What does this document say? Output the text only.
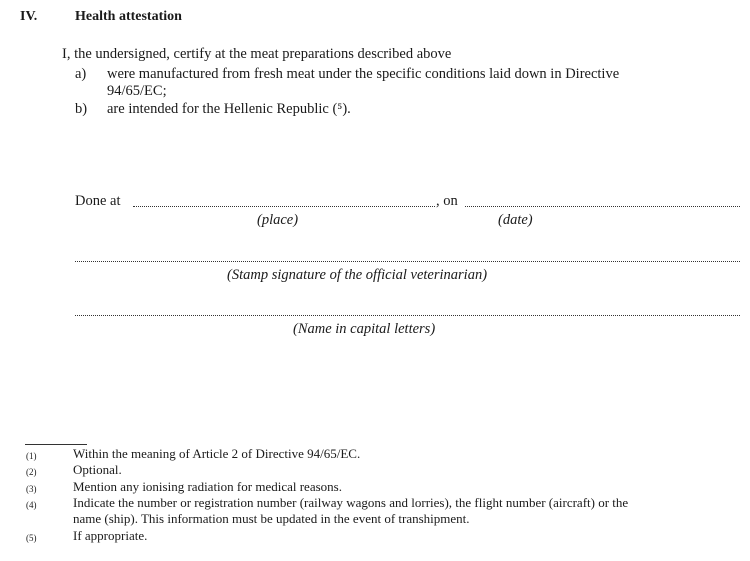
IV.	Health attestation
I, the undersigned, certify at the meat preparations described above
a) were manufactured from fresh meat under the specific conditions laid down in Directive
94/65/EC;
b) are intended for the Hellenic Republic (⁵).
Done at	, on
(place)	(date)
(Stamp signature of the official veterinarian)
(Name in capital letters)
(1)	Within the meaning of Article 2 of Directive 94/65/EC.
(2)	Optional.
(3)	Mention any ionising radiation for medical reasons.
(4)	Indicate the number or registration number (railway wagons and lorries), the flight number (aircraft) or the
name (ship). This information must be updated in the event of transhipment.
(5)	If appropriate.
